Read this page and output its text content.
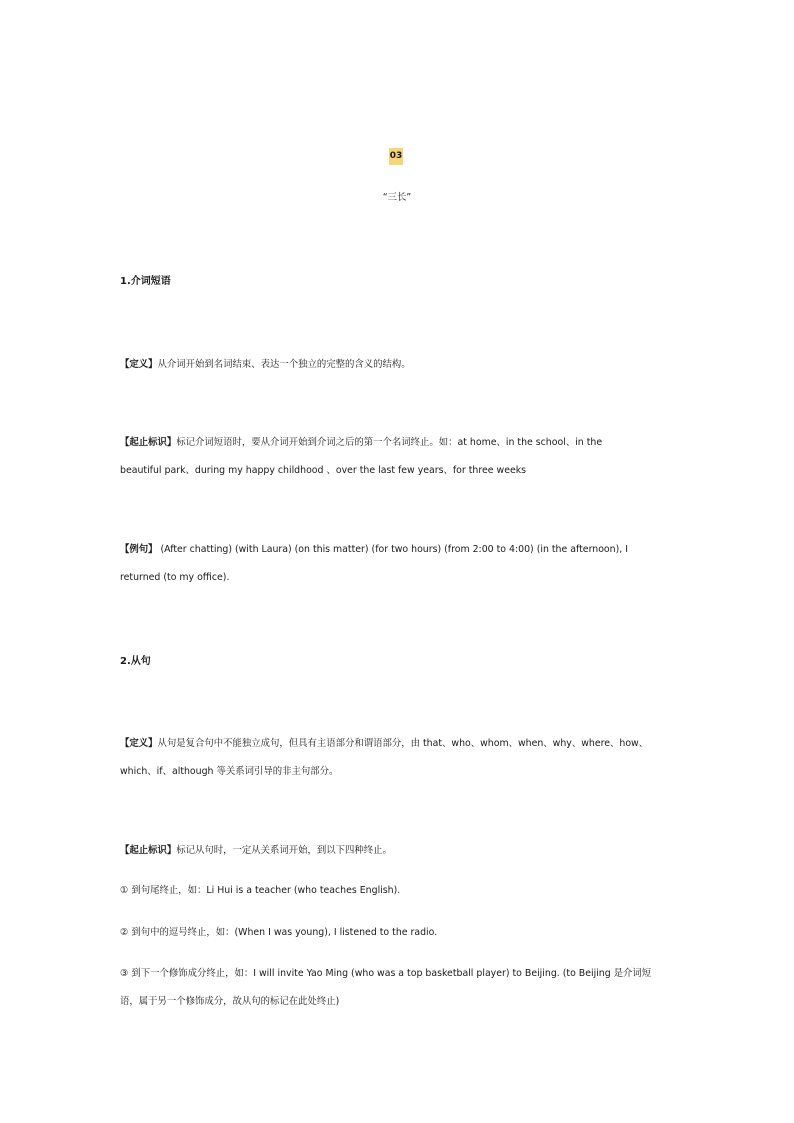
03
“三长”
1.介词短语
【定义】从介词开始到名词结束、表达一个独立的完整的含义的结构。
【起止标识】标记介词短语时，要从介词开始到介词之后的第一个名词终止。如：at home、in the school、in the
beautiful park、during my happy childhood 、over the last few years、for three weeks
【例句】 (After chatting) (with Laura) (on this matter) (for two hours) (from 2:00 to 4:00) (in the afternoon), I
returned (to my office).
2.从句
【定义】从句是复合句中不能独立成句，但具有主语部分和谓语部分，由 that、who、whom、when、why、where、how、
which、if、although 等关系词引导的非主句部分。
【起止标识】标记从句时，一定从关系词开始，到以下四种终止。
① 到句尾终止，如：Li Hui is a teacher (who teaches English).
② 到句中的逗号终止，如：(When I was young), I listened to the radio.
③ 到下一个修饰成分终止，如：I will invite Yao Ming (who was a top basketball player) to Beijing. (to Beijing 是介词短
语，属于另一个修饰成分，故从句的标记在此处终止)
